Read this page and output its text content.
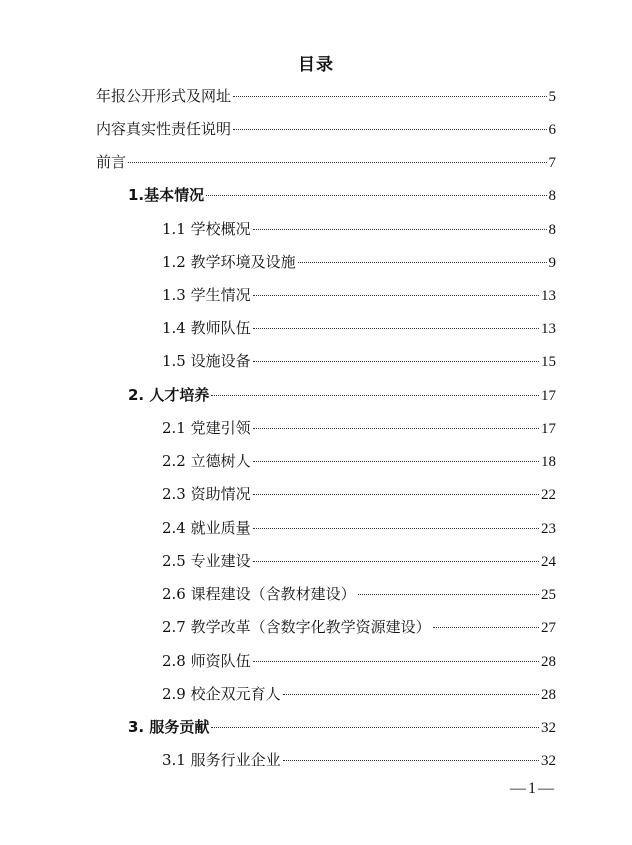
目录
年报公开形式及网址	5
内容真实性责任说明	6
前言	7
1.基本情况	8
1.1 学校概况	8
1.2 教学环境及设施	9
1.3 学生情况	13
1.4 教师队伍	13
1.5 设施设备	15
2. 人才培养	17
2.1 党建引领	17
2.2 立德树人	18
2.3 资助情况	22
2.4 就业质量	23
2.5 专业建设	24
2.6 课程建设（含教材建设）	25
2.7 教学改革（含数字化教学资源建设）	27
2.8 师资队伍	28
2.9 校企双元育人	28
3. 服务贡献	32
3.1 服务行业企业	32
—1—
